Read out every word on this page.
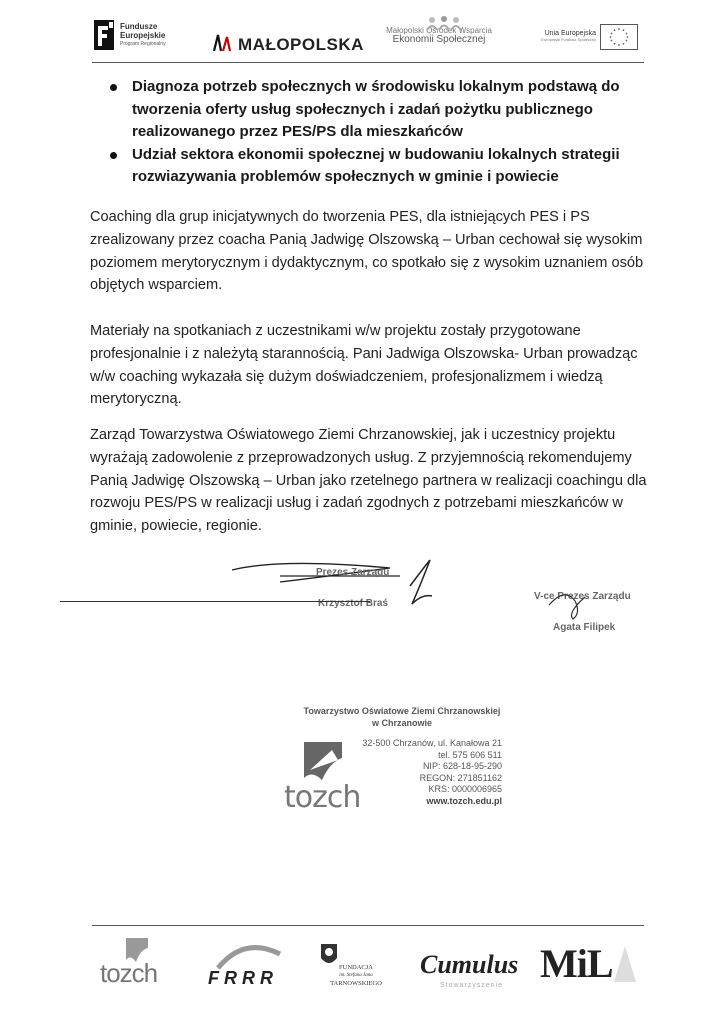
Fundusze
Europejskie
Program Regionalny	MAŁOPOLSKA
Małopolski Ośrodek Wsparcia
Ekonomii Społecznej
Unia Europejska
Europejski Fundusz Społeczny
Diagnoza potrzeb społecznych w środowisku lokalnym podstawą do tworzenia oferty usług społecznych i zadań pożytku publicznego realizowanego przez PES/PS dla mieszkańców
Udział sektora ekonomii społecznej w budowaniu lokalnych strategii rozwiazywania problemów społecznych w gminie i powiecie
Coaching dla grup inicjatywnych do tworzenia PES, dla istniejących PES i PS zrealizowany przez coacha Panią Jadwigę Olszowską – Urban cechował się wysokim poziomem merytorycznym i dydaktycznym, co spotkało się z wysokim uznaniem osób objętych wsparciem.
Materiały na spotkaniach z uczestnikami w/w projektu zostały przygotowane profesjonalnie i z należytą starannością. Pani Jadwiga Olszowska- Urban prowadząc w/w coaching wykazała się dużym doświadczeniem, profesjonalizmem i wiedzą merytoryczną.
Zarząd Towarzystwa Oświatowego Ziemi Chrzanowskiej, jak i uczestnicy projektu wyrażają zadowolenie z przeprowadzonych usług. Z przyjemnością rekomendujemy Panią Jadwigę Olszowską – Urban jako rzetelnego partnera w realizacji coachingu dla rozwoju PES/PS w realizacji usług i zadań zgodnych z potrzebami mieszkańców w gminie, powiecie, regionie.
Prezes Zarządu
Krzysztof Braś
V-ce Prezes Zarządu
Agata Filipek
Towarzystwo Oświatowe Ziemi Chrzanowskiej
w Chrzanowie
32-500 Chrzanów, ul. Kanałowa 21
tel. 575 606 511
NIP: 628-18-95-290
REGON: 271851162
KRS: 0000006965
www.tozch.edu.pl
tozch
tozch	FRRR
FUNDACJA
im. Stefana Jana
TARNOWSKIEGO
Cumulus
Stowarzyszenie MiL
